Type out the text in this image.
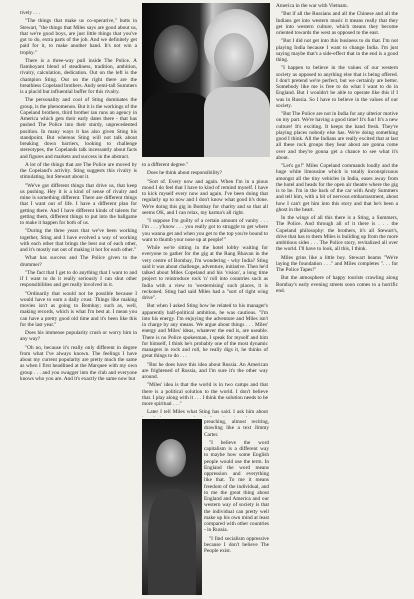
tively . . .

"The things that make us co-operative," butts in Stewart, "the things that Miles says are good about us, that we're good boys, are just little things that you've got to do, extra parts of the job. And we definitely get paid for it, to make another hand. It's not win a trophy."

There is a three-way pull inside The Police. A flamboyant blend of steadiness, tradition, ambition, rivalry, calculation, dedication. Out on the left is the champion Sting. Out on the right there are the breathless Copeland brothers. Andy semi-tall Summers is a placid but influential buffer for this rivalry.

The personality and cool of Sting dominates the group, is the phenomenon. But it is the workings of the Copeland brothers, third brother ian runs an agency in America which gets their early dates there - that has pushed The Police into their sturdy, unprecedented position. In many ways it has also given Sting his standpoint. But whereas Sting will not talk about breaking down barriers, looking to challenge stereotypes, the Copelands talk incessantly about facts and figures and markets and success in the abstract.

A lot of the things that are The Police are moved by the Copeland's activity. Sting suggests this rivalry is stimulating, but Stewart about it.

"We've got different things that drive us, that keep us pushing. Hey it is a kind of sense of rivalry and mine is something different. There are different things that I want out of life. I have a different plan for getting there. And I have different kinds of talents for getting them, different things to put into the ballgame to make it happen for both of us.

"During the three years that we've been working together, Sting and I have evolved a way of working with each other that brings the best out of each other, and it's mostly not out of making it hot for each other."

What has success and The Police given to the drummer?

"The fact that I get to do anything that I want to and if I want to do it really seriously I can shut other responsibilities and get really involved in it.

"Ordinarily that would not be possible because I would have to earn a daily crust. Things like making movies isn't as going to Bombay; such as, well, making records, which is what I'm best at. I mean you can have a pretty good old time and it's been like this for the last year."

Does his immense popularity crush or worry him in any way?

"Oh no, because it's really only different in degree from what I've always known. The feelings I have about my current popularity are pretty much the same as when I first headlined at the Marquee with my own group . . . and you swagger into the club and everyone knows who you are. And it's exactly the same now but

to a different degree."

Does he think about responsibility?

"Sort of. Every now and again. When I'm in a pious mood I do feel that I have to kind of remind myself. I have to kick myself every now and again. I've been doing that regularly up to now and I don't know what good it's done. We're doing this gig in Bombay for charity and so that all seems OK, and I can relax, my karma's all right.

"I suppose I'm guilty of a certain amount of vanity . . . I'm . . . y'know . . . you really got to struggle to get where you wanna get and when you get to the top you're bound to want to thumb your nose up at people!"

While we're sitting in the hotel lobby waiting for everyone to gather for the gig at the Rang Bhavan in the very centre of Bombay, I'm wondering - why India? Sting said it was about challenge, adventure, initiative. Then he'd talked about Miles Copeland and his 'vision', a long time project to reintroduce rock 'n' roll into countries such as India with a view to 'westernising' such places, it is reckoned. Sting had said Miles had a "sort of right wing drive".

But when I asked Sting how he related to his manager's apparently half-political ambition, he was cautious. "I'm into his energy. I'm enjoying the adventure and Miles isn't in charge by any means. We argue about things . . . Miles' energy and Miles' ideas, whatever the end is, are useable. There is no Police spokesman, I speak for myself and him for himself, I think he's probably one of the most dynamic managers in rock and roll, he really digs it, he thinks of great things to do . . .

"But he does have this idea about Russia. An American are frightened of Russia, and I'm sure it's the other way around.

"Miles' idea is that the world is in two camps and that there is a political solution to the world. I don't believe that. I play along with it . . . I think the solution needs to be more spiritual . . ."

Later I tell Miles what Sting has said. I ask him about

preaching, almost reciting, drawling like a text Jimmy Carter.

"I believe the word capitalism is a different way to maybe how some English people would use the term. In England the word means oppression and everything like that. To me it means freedom of the individual, and to me the great thing about England and America and our western way of society is that the individual can pretty well make up his own mind at least compared with other countries - in Russia.

"I find socialism oppressive because I don't believe The People exist.

America in the war with Vietnam.

"But if all the Russians and all the Chinese and all the Indians get into western music it means really that they get into western culture, which means they become oriented towards the west as opposed to the east.

"But I did not get into this business to do that. I'm not playing India because I want to change India. I'm just saying maybe that's a side-effect that in the end is a good thing.

"I happen to believe in the values of our western society as opposed to anything else that is being offered. I don't pretend we're perfect, but we certainly are better. Somebody like me is free to do what I want to do in England. But I wouldn't be able to operate like this if I was in Russia. So I have to believe in the values of our society.

"But The Police are not in India for any ulterior motive on my part. We're having a good time! It's fun! It's a new culture! It's exciting. It keeps the band fresh. They're playing places nobody else has. We're doing something good I think. All the Indians are really excited that at last all these rock groups they hear about are gonna come over and they're gonna get a chance to see what it's about.

"Let's go!" Miles Copeland commands loudly and the huge white limousine which is totally inconspicuous amongst all the tiny vehicles in India, eases away from the hotel and heads for the open air theatre where the gig is to be. I'm in the back of the car with Andy Summers and tell him, with a bit of nervous embarrassment, about how I can't get him into this story and that he's been a ghost in the heart.

In the wings of all this there is a Sting, a Summers, The Police. And through all of it there is . . . the Copeland philosophy: the brothers, it's all Stewart's, drive that has to them Miles is building up from the more ambitious sides . . . The Police story, revitalized all over the world. I'll have to look, all this, I think.

Miles grins like a little boy. Stewart beams "We're laying the foundation . . ." and Miles completes ". . . for The Police Tapes!"

But the atmosphere of happy tourists crawling along Bombay's early evening streets soon comes to a horrific end.
